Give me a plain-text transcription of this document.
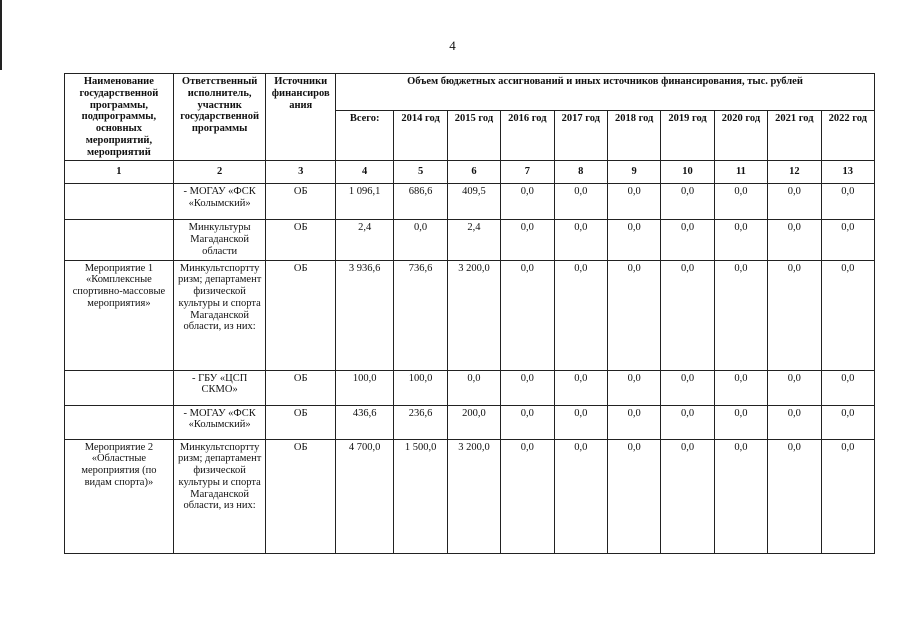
4
Наименование государственной программы, подпрограммы, основных мероприятий, мероприятий	Ответственный исполнитель, участник государственной программы	Источники финансиров ания	Объем бюджетных ассигнований и иных источников финансирования, тыс. рублей									
			Всего:	2014 год	2015 год	2016 год	2017 год	2018 год	2019 год	2020 год	2021 год	2022 год
1	2	3	4	5	6	7	8	9	10	11	12	13
	- МОГАУ «ФСК «Колымский»	ОБ	1 096,1	686,6	409,5	0,0	0,0	0,0	0,0	0,0	0,0	0,0
	Минкультуры Магаданской области	ОБ	2,4	0,0	2,4	0,0	0,0	0,0	0,0	0,0	0,0	0,0
Мероприятие 1 «Комплексные спортивно-массовые мероприятия»	Минкультспортту ризм; департамент физической культуры и спорта Магаданской области, из них:	ОБ	3 936,6	736,6	3 200,0	0,0	0,0	0,0	0,0	0,0	0,0	0,0
	- ГБУ «ЦСП СКМО»	ОБ	100,0	100,0	0,0	0,0	0,0	0,0	0,0	0,0	0,0	0,0
	- МОГАУ «ФСК «Колымский»	ОБ	436,6	236,6	200,0	0,0	0,0	0,0	0,0	0,0	0,0	0,0
Мероприятие 2 «Областные мероприятия (по видам спорта)»	Минкультспортту ризм; департамент физической культуры и спорта Магаданской области, из них:	ОБ	4 700,0	1 500,0	3 200,0	0,0	0,0	0,0	0,0	0,0	0,0	0,0
